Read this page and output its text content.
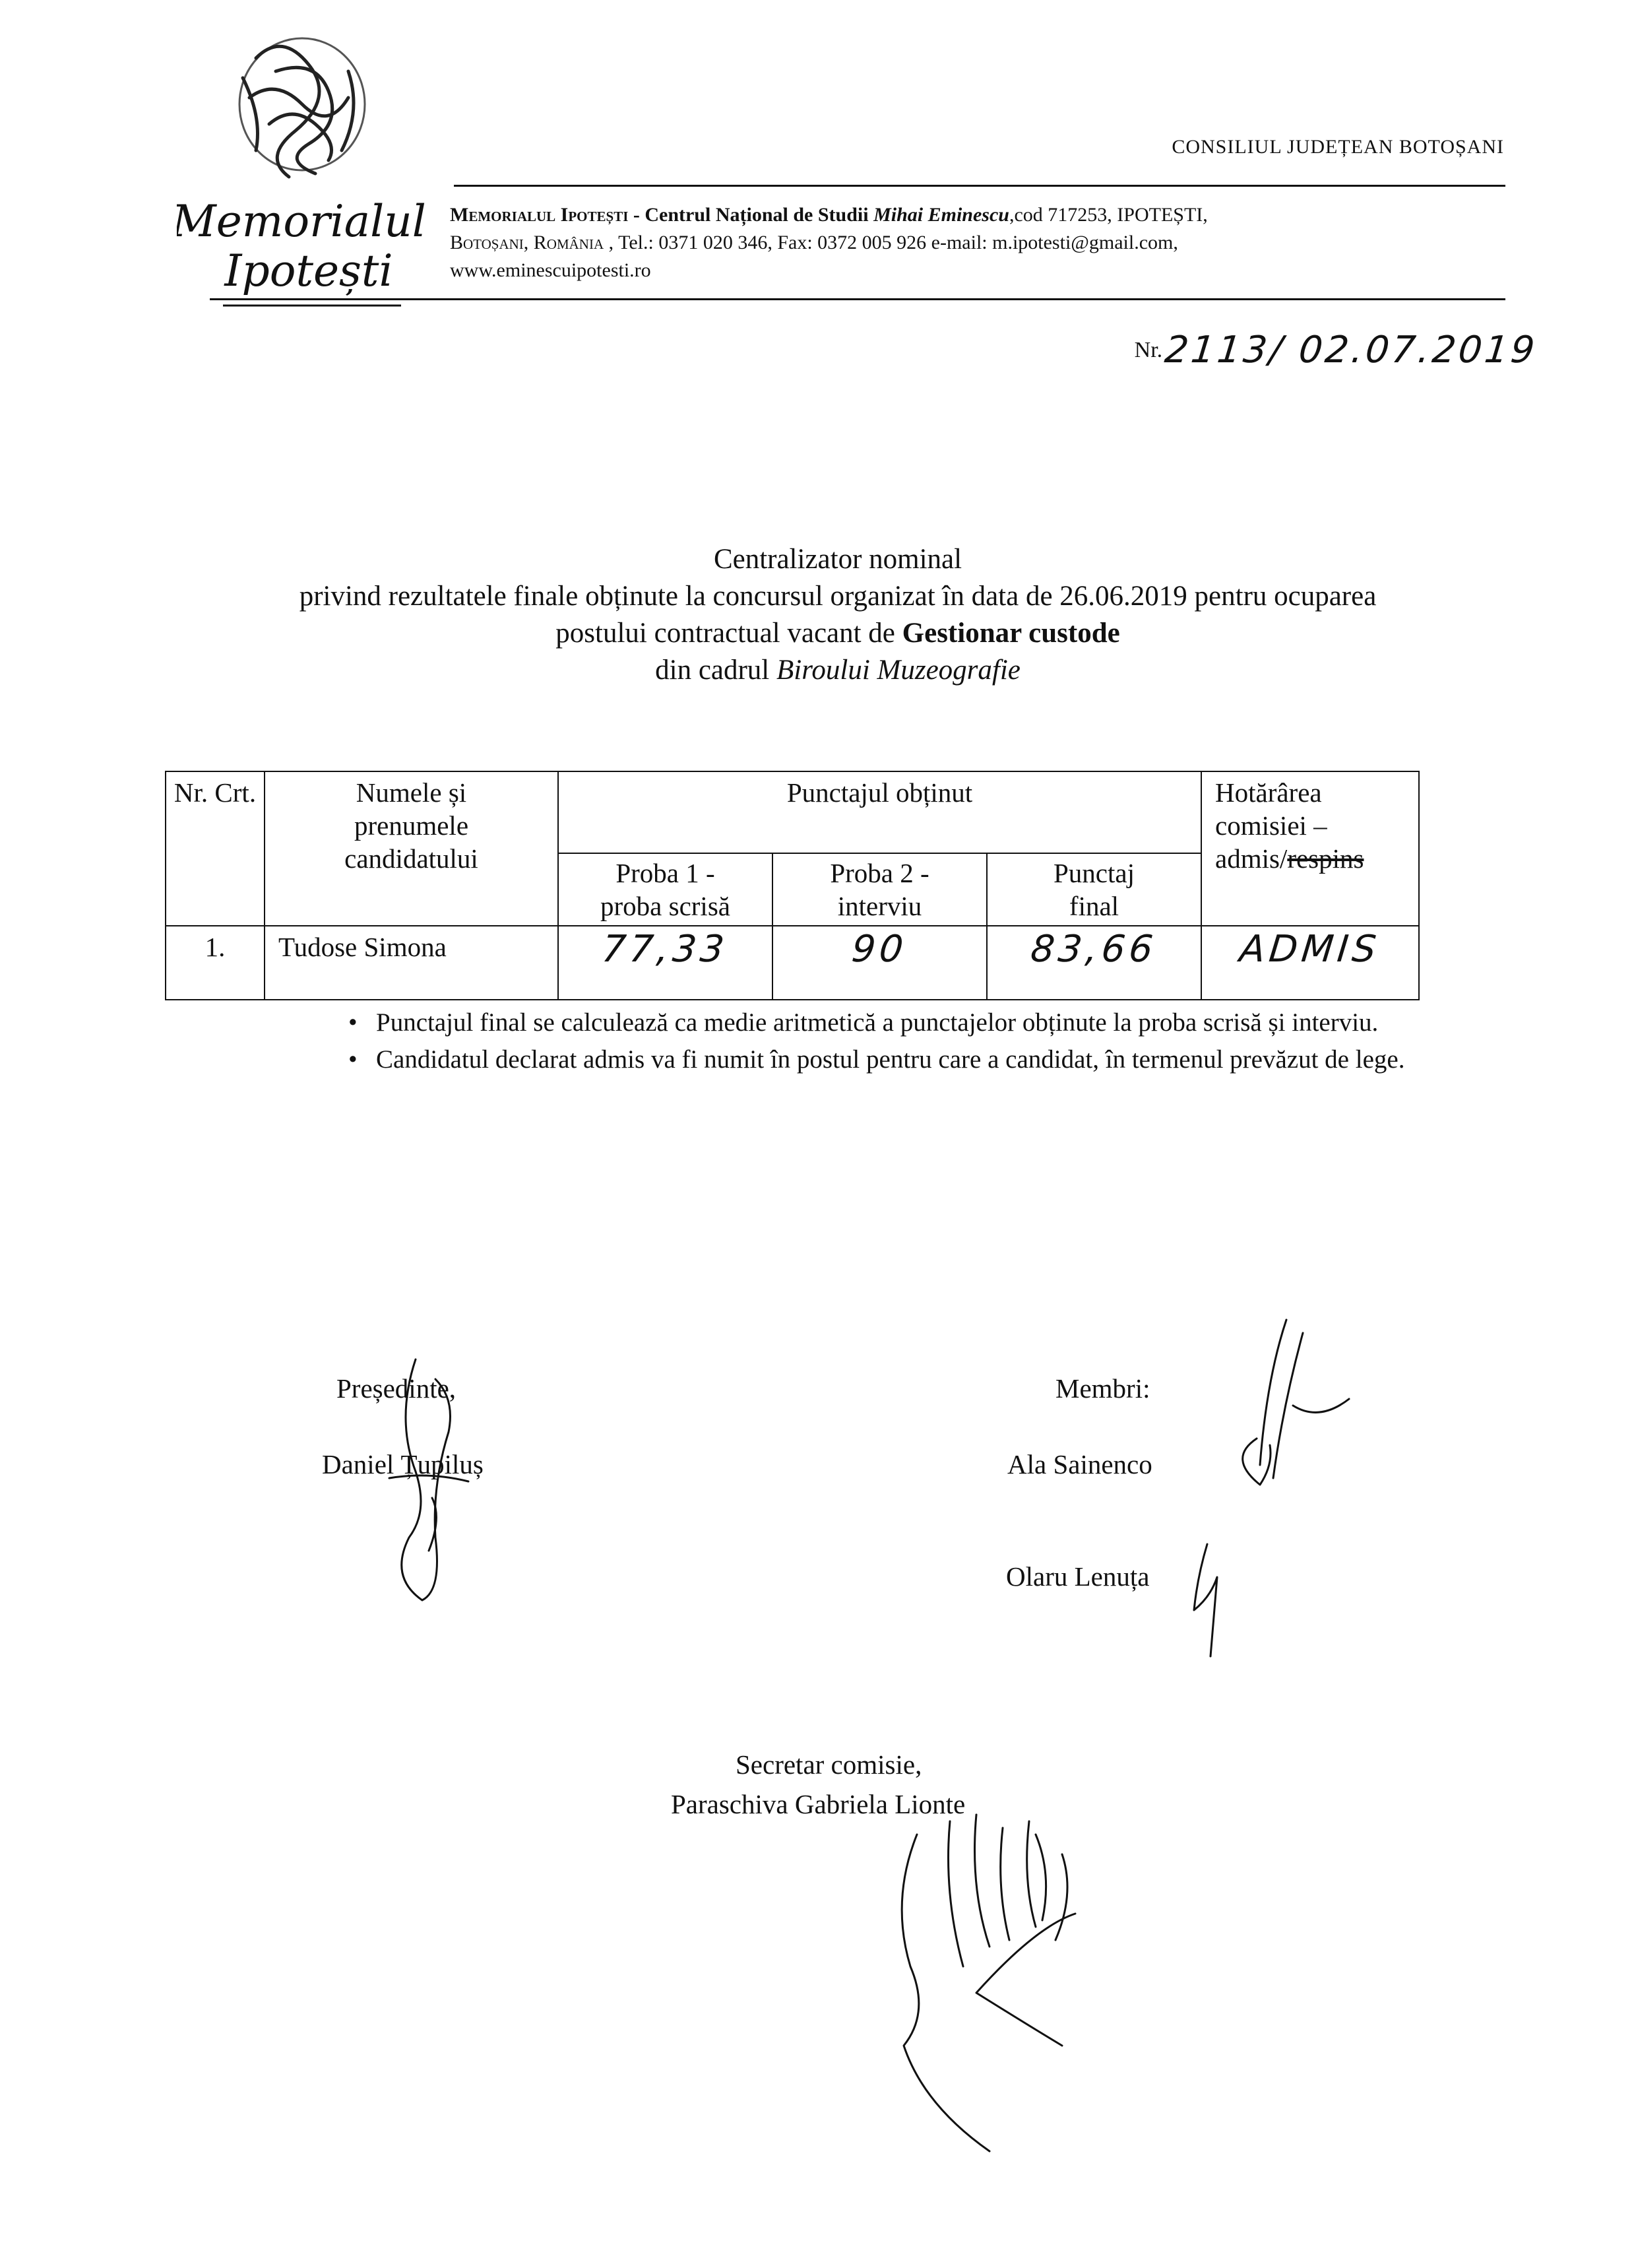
Memorialul
Ipotești
CONSILIUL JUDEȚEAN BOTOȘANI
Memorialul Ipotești - Centrul Național de Studii Mihai Eminescu,cod 717253, IPOTEȘTI,
Botoșani, România , Tel.: 0371 020 346, Fax: 0372 005 926 e-mail: m.ipotesti@gmail.com,
www.eminescuipotesti.ro
Nr. 2113/ 02.07.2019
Centralizator nominal
privind rezultatele finale obținute la concursul organizat în data de 26.06.2019 pentru ocuparea
postului contractual vacant de Gestionar custode
din cadrul Biroului Muzeografie
Nr. Crt.	Numele și prenumele candidatului	Punctajul obținut			Hotărârea comisiei – admis/respins
		Proba 1 - proba scrisă	Proba 2 - interviu	Punctaj final	
1.	Tudose Simona	77,33	90	83,66	ADMIS
• Punctajul final se calculează ca medie aritmetică a punctajelor obținute la proba scrisă și interviu.
• Candidatul declarat admis va fi numit în postul pentru care a candidat, în termenul prevăzut de lege.
Președinte,
Daniel Țupiluș
Membri:
Ala Sainenco
Olaru Lenuța
Secretar comisie,
Paraschiva Gabriela Lionte
